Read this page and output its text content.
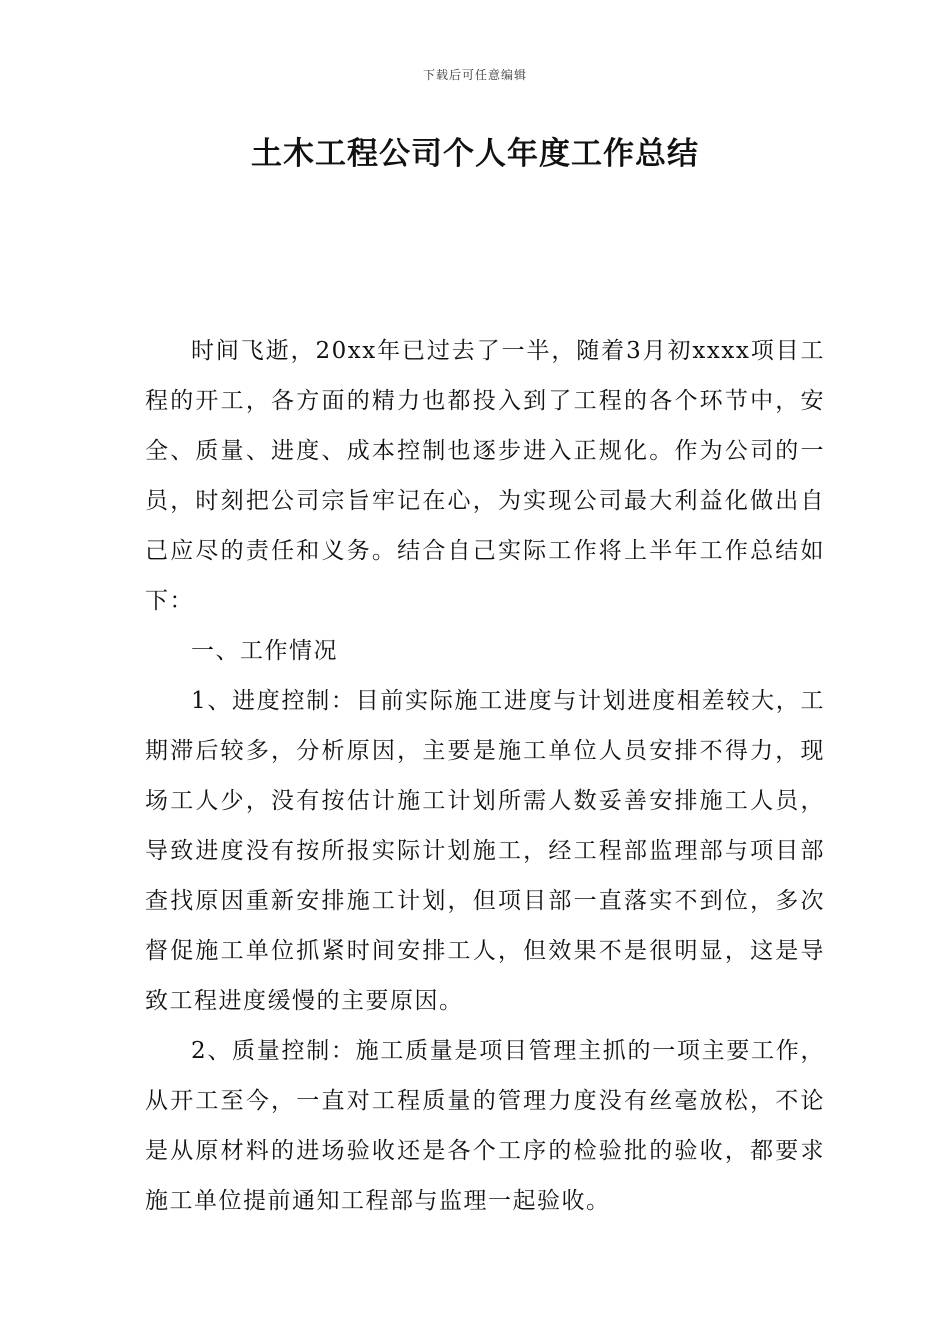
下载后可任意编辑
土木工程公司个人年度工作总结

时间飞逝，20xx年已过去了一半，随着3月初xxxx项目工程的开工，各方面的精力也都投入到了工程的各个环节中，安全、质量、进度、成本控制也逐步进入正规化。作为公司的一员，时刻把公司宗旨牢记在心，为实现公司最大利益化做出自己应尽的责任和义务。结合自己实际工作将上半年工作总结如下：

一、工作情况

1、进度控制：目前实际施工进度与计划进度相差较大，工期滞后较多，分析原因，主要是施工单位人员安排不得力，现场工人少，没有按估计施工计划所需人数妥善安排施工人员，导致进度没有按所报实际计划施工，经工程部监理部与项目部查找原因重新安排施工计划，但项目部一直落实不到位，多次督促施工单位抓紧时间安排工人，但效果不是很明显，这是导致工程进度缓慢的主要原因。

2、质量控制：施工质量是项目管理主抓的一项主要工作，从开工至今，一直对工程质量的管理力度没有丝毫放松，不论是从原材料的进场验收还是各个工序的检验批的验收，都要求施工单位提前通知工程部与监理一起验收。
